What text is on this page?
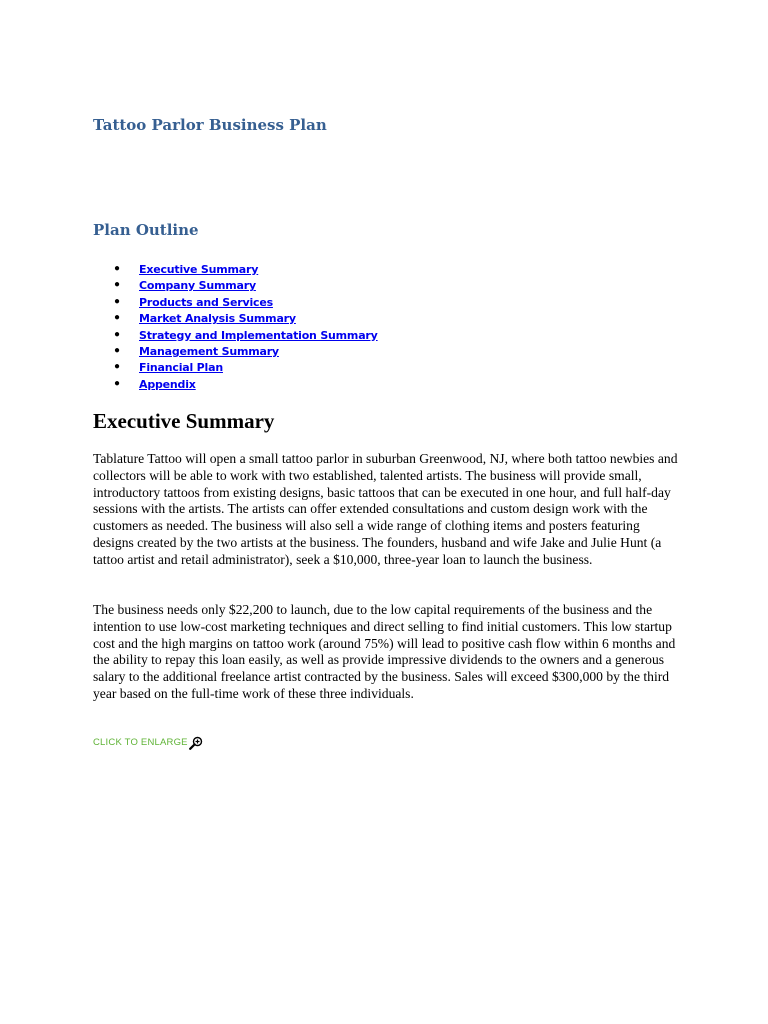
Tattoo Parlor Business Plan
Plan Outline
● Executive Summary
● Company Summary
● Products and Services
● Market Analysis Summary
● Strategy and Implementation Summary
● Management Summary
● Financial Plan
● Appendix
Executive Summary

Tablature Tattoo will open a small tattoo parlor in suburban Greenwood, NJ, where both tattoo newbies and collectors will be able to work with two established, talented artists. The business will provide small, introductory tattoos from existing designs, basic tattoos that can be executed in one hour, and full half-day sessions with the artists. The artists can offer extended consultations and custom design work with the customers as needed. The business will also sell a wide range of clothing items and posters featuring designs created by the two artists at the business. The founders, husband and wife Jake and Julie Hunt (a tattoo artist and retail administrator), seek a $10,000, three-year loan to launch the business.

The business needs only $22,200 to launch, due to the low capital requirements of the business and the intention to use low-cost marketing techniques and direct selling to find initial customers. This low startup cost and the high margins on tattoo work (around 75%) will lead to positive cash flow within 6 months and the ability to repay this loan easily, as well as provide impressive dividends to the owners and a generous salary to the additional freelance artist contracted by the business. Sales will exceed $300,000 by the third year based on the full-time work of these three individuals.

CLICK TO ENLARGE
